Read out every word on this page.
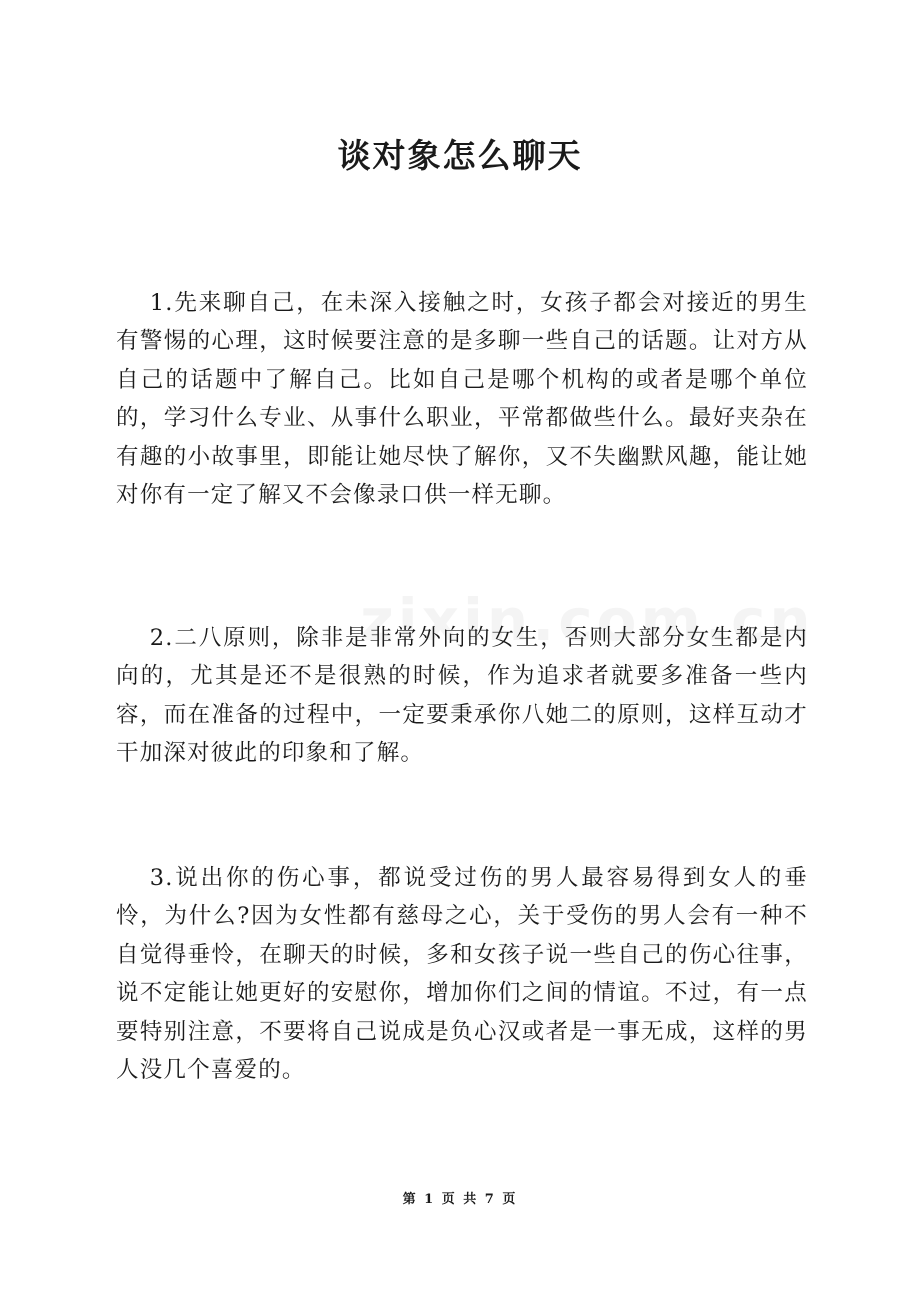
谈对象怎么聊天

1.先来聊自己，在未深入接触之时，女孩子都会对接近的男生有警惕的心理，这时候要注意的是多聊一些自己的话题。让对方从自己的话题中了解自己。比如自己是哪个机构的或者是哪个单位的，学习什么专业、从事什么职业，平常都做些什么。最好夹杂在有趣的小故事里，即能让她尽快了解你，又不失幽默风趣，能让她对你有一定了解又不会像录口供一样无聊。

2.二八原则，除非是非常外向的女生，否则大部分女生都是内向的，尤其是还不是很熟的时候，作为追求者就要多准备一些内容，而在准备的过程中，一定要秉承你八她二的原则，这样互动才干加深对彼此的印象和了解。

3.说出你的伤心事，都说受过伤的男人最容易得到女人的垂怜，为什么?因为女性都有慈母之心，关于受伤的男人会有一种不自觉得垂怜，在聊天的时候，多和女孩子说一些自己的伤心往事，说不定能让她更好的安慰你，增加你们之间的情谊。不过，有一点要特别注意，不要将自己说成是负心汉或者是一事无成，这样的男人没几个喜爱的。

第 1 页 共 7 页
